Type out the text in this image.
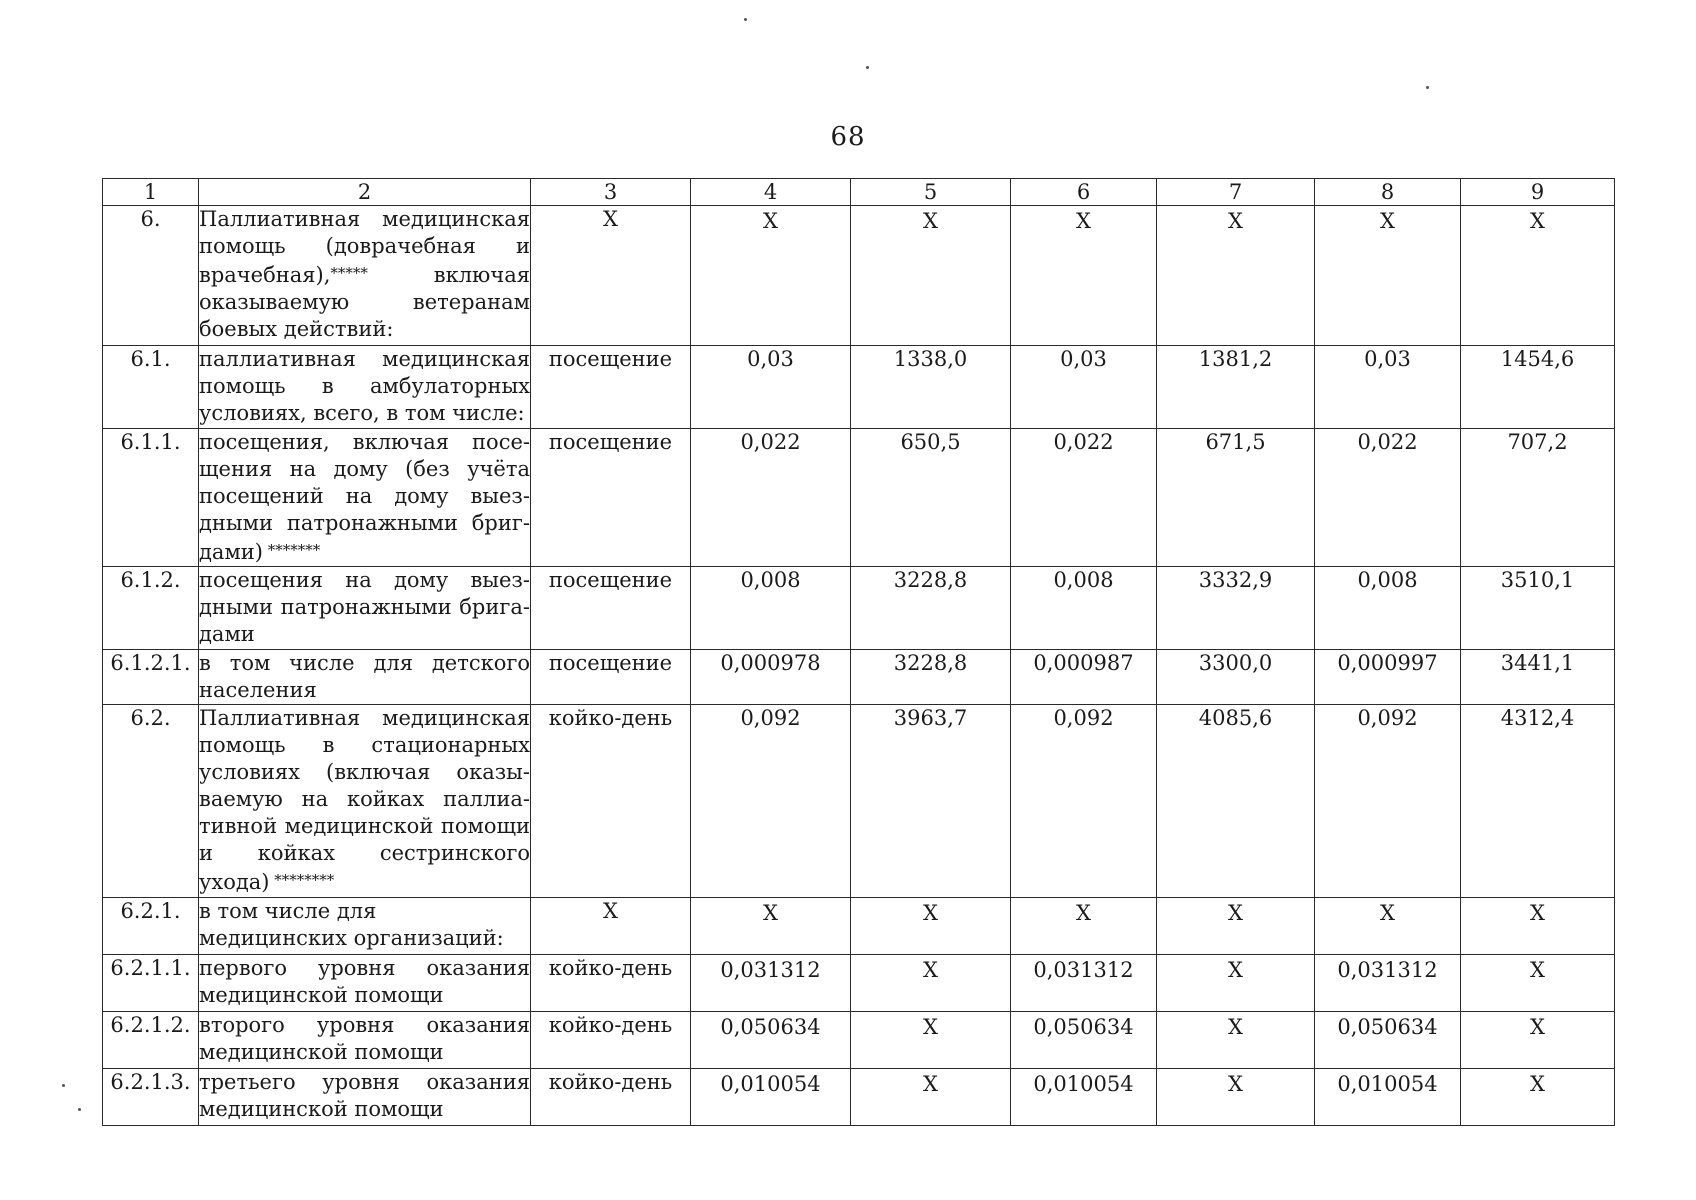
68
1	2	3	4	5	6	7	8	9
6.	Паллиативная медицинская помощь (доврачебная и врачебная),***** включая оказываемую ветеранам боевых действий:	X	X	X	X	X	X	X
6.1.	паллиативная медицинская помощь в амбулаторных условиях, всего, в том числе:	посещение	0,03	1338,0	0,03	1381,2	0,03	1454,6
6.1.1.	посещения, включая посещения на дому (без учёта посещений на дому выездными патронажными бригдами) *******	посещение	0,022	650,5	0,022	671,5	0,022	707,2
6.1.2.	посещения на дому выездными патронажными бригадами	посещение	0,008	3228,8	0,008	3332,9	0,008	3510,1
6.1.2.1.	в том числе для детского населения	посещение	0,000978	3228,8	0,000987	3300,0	0,000997	3441,1
6.2.	Паллиативная медицинская помощь в стационарных условиях (включая оказываемую на койках паллиативной медицинской помощи и койках сестринского ухода) ********	койко-день	0,092	3963,7	0,092	4085,6	0,092	4312,4
6.2.1.	в том числе для медицинских организаций:	X	X	X	X	X	X	X
6.2.1.1.	первого уровня оказания медицинской помощи	койко-день	0,031312	X	0,031312	X	0,031312	X
6.2.1.2.	второго уровня оказания медицинской помощи	койко-день	0,050634	X	0,050634	X	0,050634	X
6.2.1.3.	третьего уровня оказания медицинской помощи	койко-день	0,010054	X	0,010054	X	0,010054	X
